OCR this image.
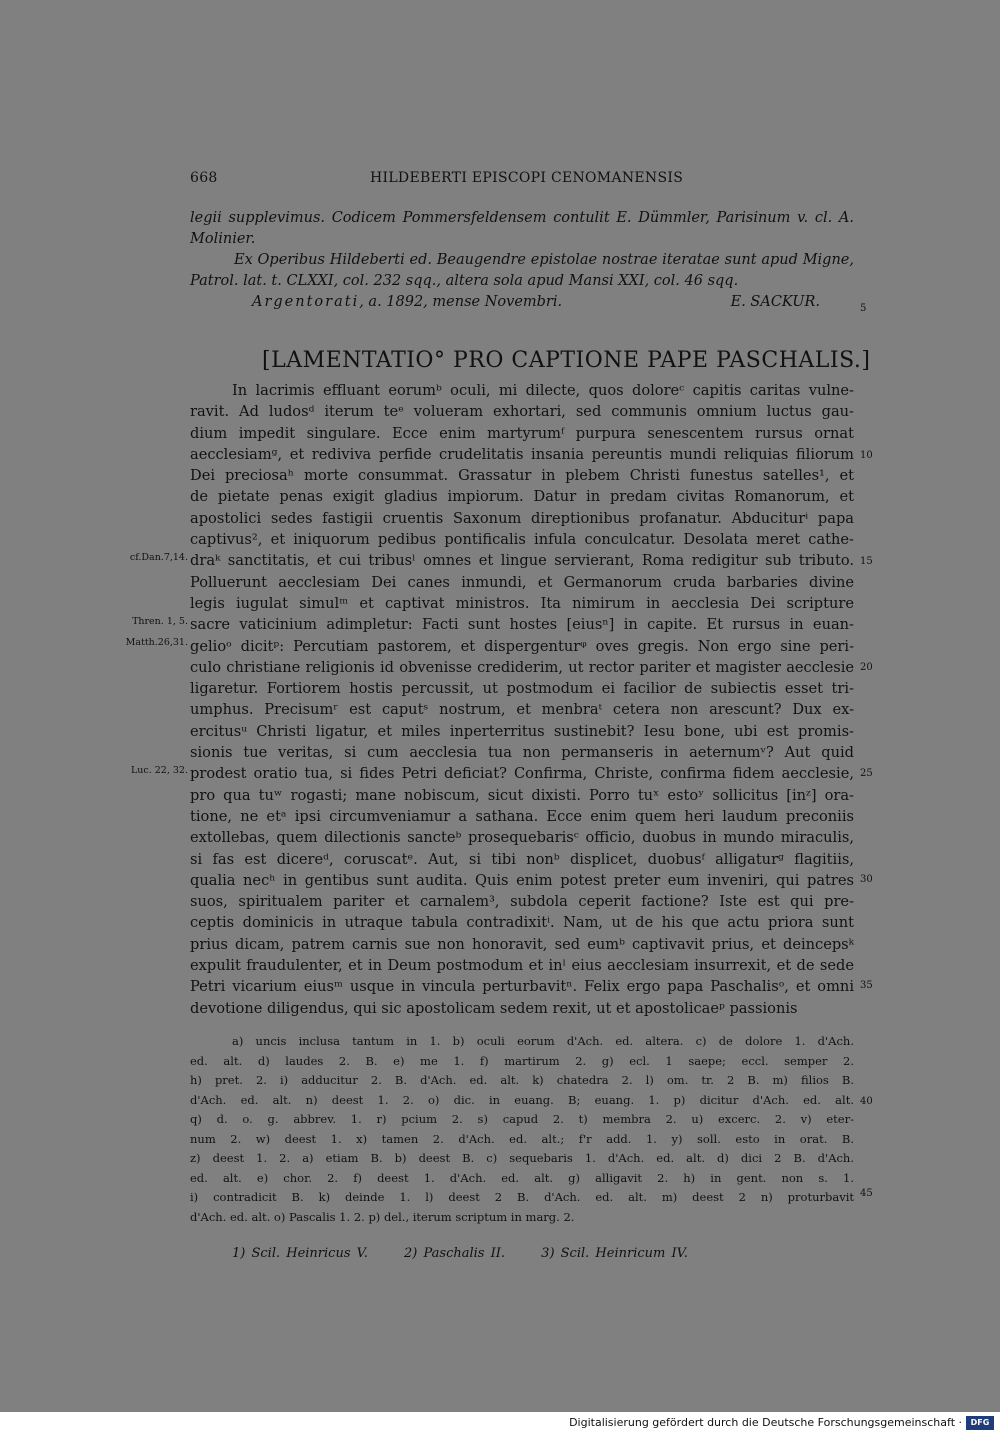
668	HILDEBERTI EPISCOPI CENOMANENSIS

legii supplevimus. Codicem Pommersfeldensem contulit E. Dümmler, Parisinum v. cl. A. Molinier.

Ex Operibus Hildeberti ed. Beaugendre epistolae nostrae iteratae sunt apud Migne, Patrol. lat. t. CLXXI, col. 232 sqq., altera sola apud Mansi XXI, col. 46 sqq.

Argentorati, a. 1892, mense Novembri.	E. SACKUR.
[LAMENTATIO° PRO CAPTIONE PAPE PASCHALIS.]
In lacrimis effluant eorumᵇ oculi, mi dilecte, quos doloreᶜ capitis caritas vulne-
ravit. Ad ludosᵈ iterum teᵉ volueram exhortari, sed communis omnium luctus gau-
dium impedit singulare. Ecce enim martyrumᶠ purpura senescentem rursus ornat
aecclesiamᵍ, et rediviva perfide crudelitatis insania pereuntis mundi reliquias filiorum
Dei preciosaʰ morte consummat. Grassatur in plebem Christi funestus satelles¹, et
de pietate penas exigit gladius impiorum. Datur in predam civitas Romanorum, et
apostolici sedes fastigii cruentis Saxonum direptionibus profanatur. Abduciturⁱ papa
captivus², et iniquorum pedibus pontificalis infula conculcatur. Desolata meret cathe-
draᵏ sanctitatis, et cui tribusˡ omnes et lingue servierant, Roma redigitur sub tributo.
Polluerunt aecclesiam Dei canes inmundi, et Germanorum cruda barbaries divine
legis iugulat simulᵐ et captivat ministros. Ita nimirum in aecclesia Dei scripture
sacre vaticinium adimpletur: Facti sunt hostes [eiusⁿ] in capite. Et rursus in euan-
gelioᵒ dicitᵖ: Percutiam pastorem, et dispergenturᵠ oves gregis. Non ergo sine peri-
culo christiane religionis id obvenisse crediderim, ut rector pariter et magister aecclesie
ligaretur. Fortiorem hostis percussit, ut postmodum ei facilior de subiectis esset tri-
umphus. Precisumʳ est caputˢ nostrum, et menbraᵗ cetera non arescunt? Dux ex-
ercitusᵘ Christi ligatur, et miles inperterritus sustinebit? Iesu bone, ubi est promis-
sionis tue veritas, si cum aecclesia tua non permanseris in aeternumᵛ? Aut quid
prodest oratio tua, si fides Petri deficiat? Confirma, Christe, confirma fidem aecclesie,
pro qua tuʷ rogasti; mane nobiscum, sicut dixisti. Porro tuˣ estoʸ sollicitus [inᶻ] ora-
tione, ne etᵃ ipsi circumveniamur a sathana. Ecce enim quem heri laudum preconiis
extollebas, quem dilectionis sancteᵇ prosequebarisᶜ officio, duobus in mundo miraculis,
si fas est dicereᵈ, coruscatᵉ. Aut, si tibi nonᵇ displicet, duobusᶠ alligaturᵍ flagitiis,
qualia necʰ in gentibus sunt audita. Quis enim potest preter eum inveniri, qui patres
suos, spiritualem pariter et carnalem³, subdola ceperit factione? Iste est qui pre-
ceptis dominicis in utraque tabula contradixitⁱ. Nam, ut de his que actu priora sunt
prius dicam, patrem carnis sue non honoravit, sed eumᵇ captivavit prius, et deincepsᵏ
expulit fraudulenter, et in Deum postmodum et inˡ eius aecclesiam insurrexit, et de sede
Petri vicarium eiusᵐ usque in vincula perturbavitⁿ. Felix ergo papa Paschalisᵒ, et omni
devotione diligendus, qui sic apostolicam sedem rexit, ut et apostolicaeᵖ passionis
a) uncis inclusa tantum in 1. b) oculi eorum d'Ach. ed. altera. c) de dolore 1. d'Ach.
ed. alt. d) laudes 2. B. e) me 1. f) martirum 2. g) ecl. 1 saepe; eccl. semper 2.
h) pret. 2. i) adducitur 2. B. d'Ach. ed. alt. k) chatedra 2. l) om. tr. 2 B. m) filios B.
d'Ach. ed. alt. n) deest 1. 2. o) dic. in euang. B; euang. 1. p) dicitur d'Ach. ed. alt.
q) d. o. g. abbrev. 1. r) pcium 2. s) capud 2. t) membra 2. u) excerc. 2. v) eter-
num 2. w) deest 1. x) tamen 2. d'Ach. ed. alt.; f'r add. 1. y) soll. esto in orat. B.
z) deest 1. 2. a) etiam B. b) deest B. c) sequebaris 1. d'Ach. ed. alt. d) dici 2 B. d'Ach.
ed. alt. e) chor. 2. f) deest 1. d'Ach. ed. alt. g) alligavit 2. h) in gent. non s. 1.
i) contradicit B. k) deinde 1. l) deest 2 B. d'Ach. ed. alt. m) deest 2 n) proturbavit
d'Ach. ed. alt. o) Pascalis 1. 2. p) del., iterum scriptum in marg. 2.
1) Scil. Heinricus V.	2) Paschalis II.	3) Scil. Heinricum IV.
cf.Dan.7,14.
Thren. 1, 5.
Matth.26,31.
Luc. 22, 32.
5
10
15
20
25
30
35
40
45
Digitalisierung gefördert durch die Deutsche Forschungsgemeinschaft ·	DFG
